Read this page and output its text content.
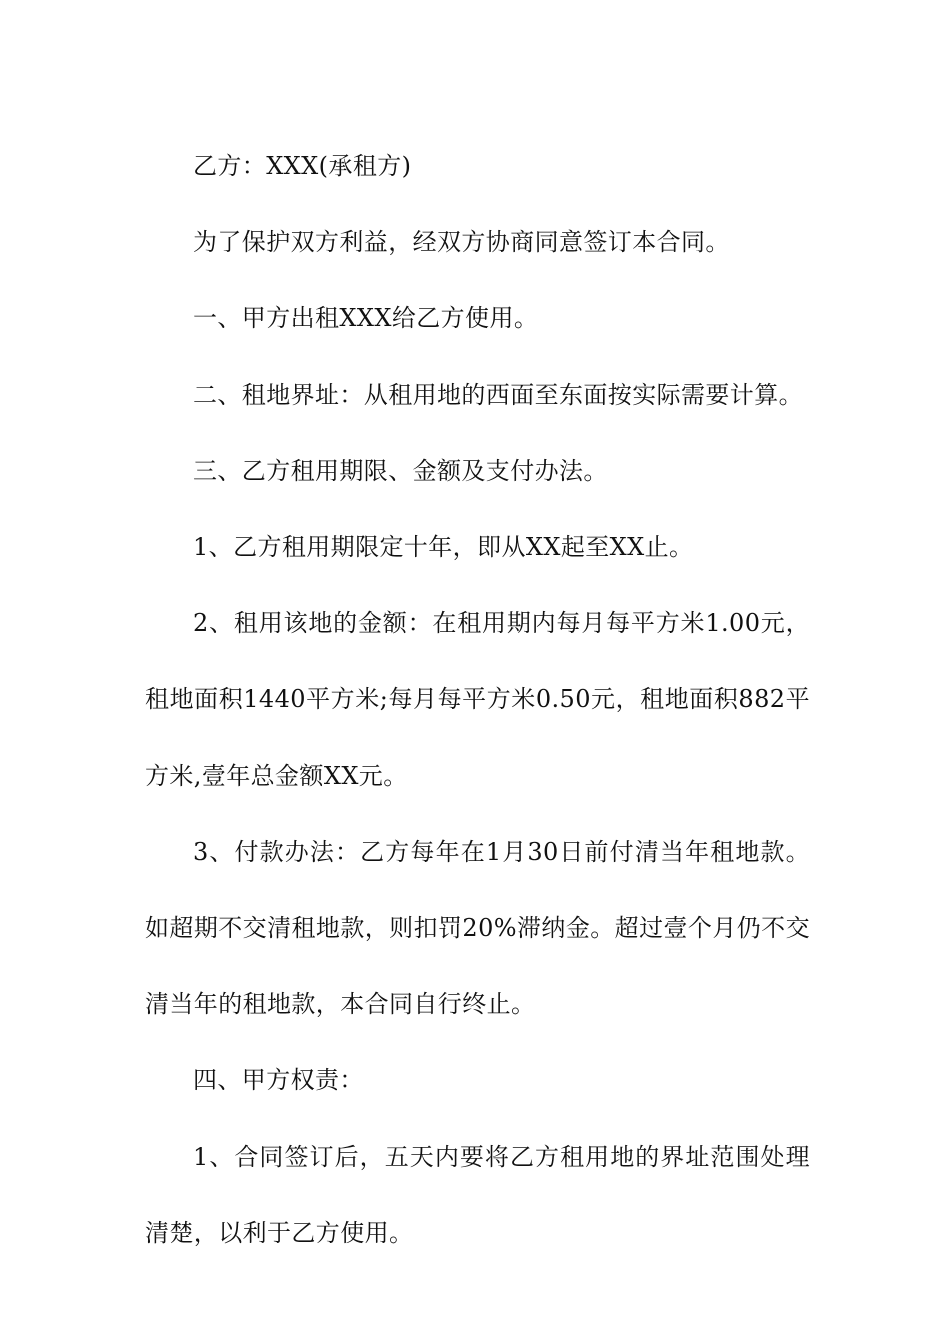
乙方：XXX(承租方)

为了保护双方利益，经双方协商同意签订本合同。

一、甲方出租XXX给乙方使用。

二、租地界址：从租用地的西面至东面按实际需要计算。

三、乙方租用期限、金额及支付办法。

1、乙方租用期限定十年，即从XX起至XX止。

2、租用该地的金额：在租用期内每月每平方米1.00元，租地面积1440平方米;每月每平方米0.50元，租地面积882平方米,壹年总金额XX元。

3、付款办法：乙方每年在1月30日前付清当年租地款。如超期不交清租地款，则扣罚20%滞纳金。超过壹个月仍不交清当年的租地款，本合同自行终止。

四、甲方权责：

1、合同签订后，五天内要将乙方租用地的界址范围处理清楚，以利于乙方使用。
